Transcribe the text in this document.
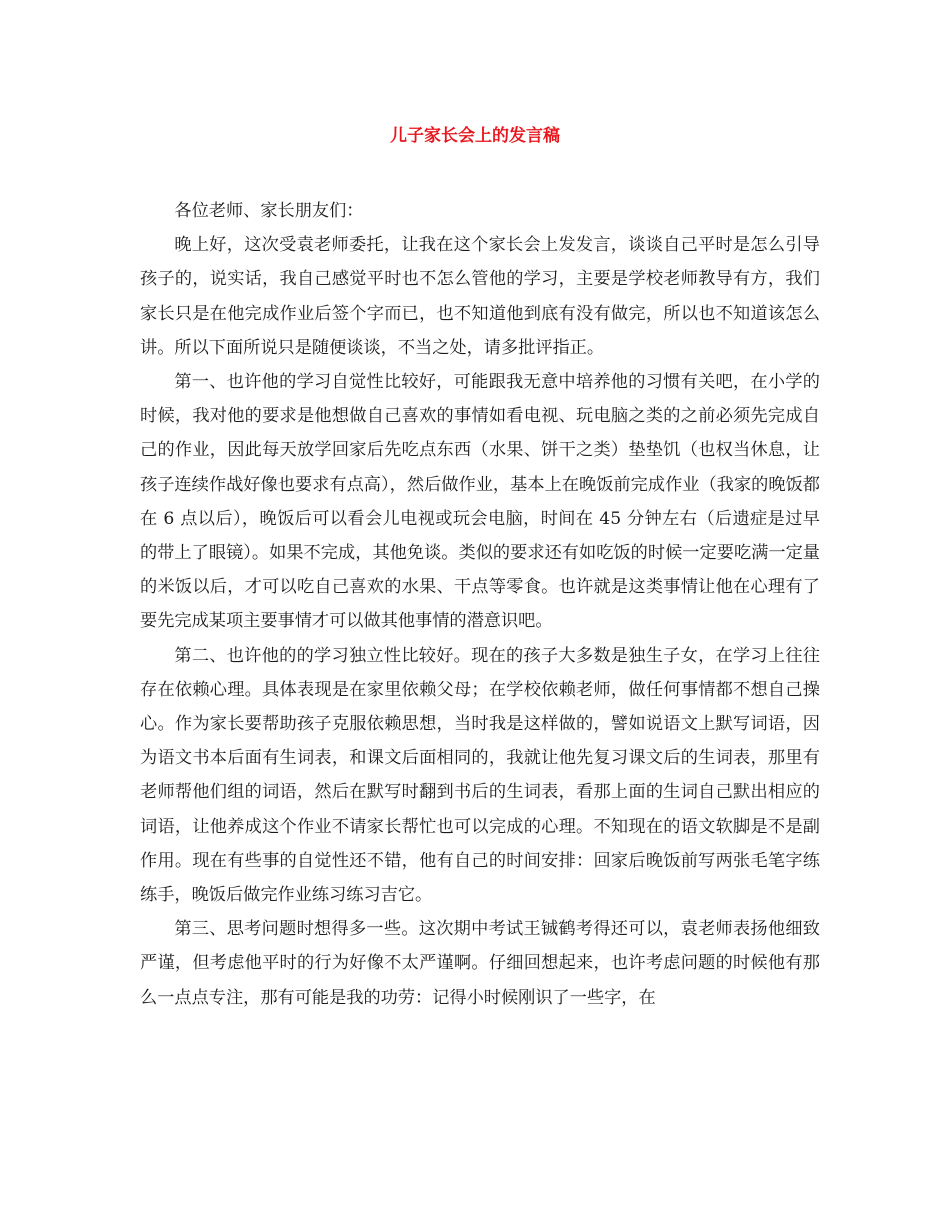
儿子家长会上的发言稿

各位老师、家长朋友们：

晚上好，这次受袁老师委托，让我在这个家长会上发发言，谈谈自己平时是怎么引导孩子的，说实话，我自己感觉平时也不怎么管他的学习，主要是学校老师教导有方，我们家长只是在他完成作业后签个字而已，也不知道他到底有没有做完，所以也不知道该怎么讲。所以下面所说只是随便谈谈，不当之处，请多批评指正。

第一、也许他的学习自觉性比较好，可能跟我无意中培养他的习惯有关吧，在小学的时候，我对他的要求是他想做自己喜欢的事情如看电视、玩电脑之类的之前必须先完成自己的作业，因此每天放学回家后先吃点东西（水果、饼干之类）垫垫饥（也权当休息，让孩子连续作战好像也要求有点高），然后做作业，基本上在晚饭前完成作业（我家的晚饭都在 6 点以后），晚饭后可以看会儿电视或玩会电脑，时间在 45 分钟左右（后遗症是过早的带上了眼镜）。如果不完成，其他免谈。类似的要求还有如吃饭的时候一定要吃满一定量的米饭以后，才可以吃自己喜欢的水果、干点等零食。也许就是这类事情让他在心理有了要先完成某项主要事情才可以做其他事情的潜意识吧。

第二、也许他的的学习独立性比较好。现在的孩子大多数是独生子女，在学习上往往存在依赖心理。具体表现是在家里依赖父母；在学校依赖老师，做任何事情都不想自己操心。作为家长要帮助孩子克服依赖思想，当时我是这样做的，譬如说语文上默写词语，因为语文书本后面有生词表，和课文后面相同的，我就让他先复习课文后的生词表，那里有老师帮他们组的词语，然后在默写时翻到书后的生词表，看那上面的生词自己默出相应的词语，让他养成这个作业不请家长帮忙也可以完成的心理。不知现在的语文软脚是不是副作用。现在有些事的自觉性还不错，他有自己的时间安排：回家后晚饭前写两张毛笔字练练手，晚饭后做完作业练习练习吉它。

第三、思考问题时想得多一些。这次期中考试王铖鹤考得还可以，袁老师表扬他细致严谨，但考虑他平时的行为好像不太严谨啊。仔细回想起来，也许考虑问题的时候他有那么一点点专注，那有可能是我的功劳：记得小时候刚识了一些字，在
